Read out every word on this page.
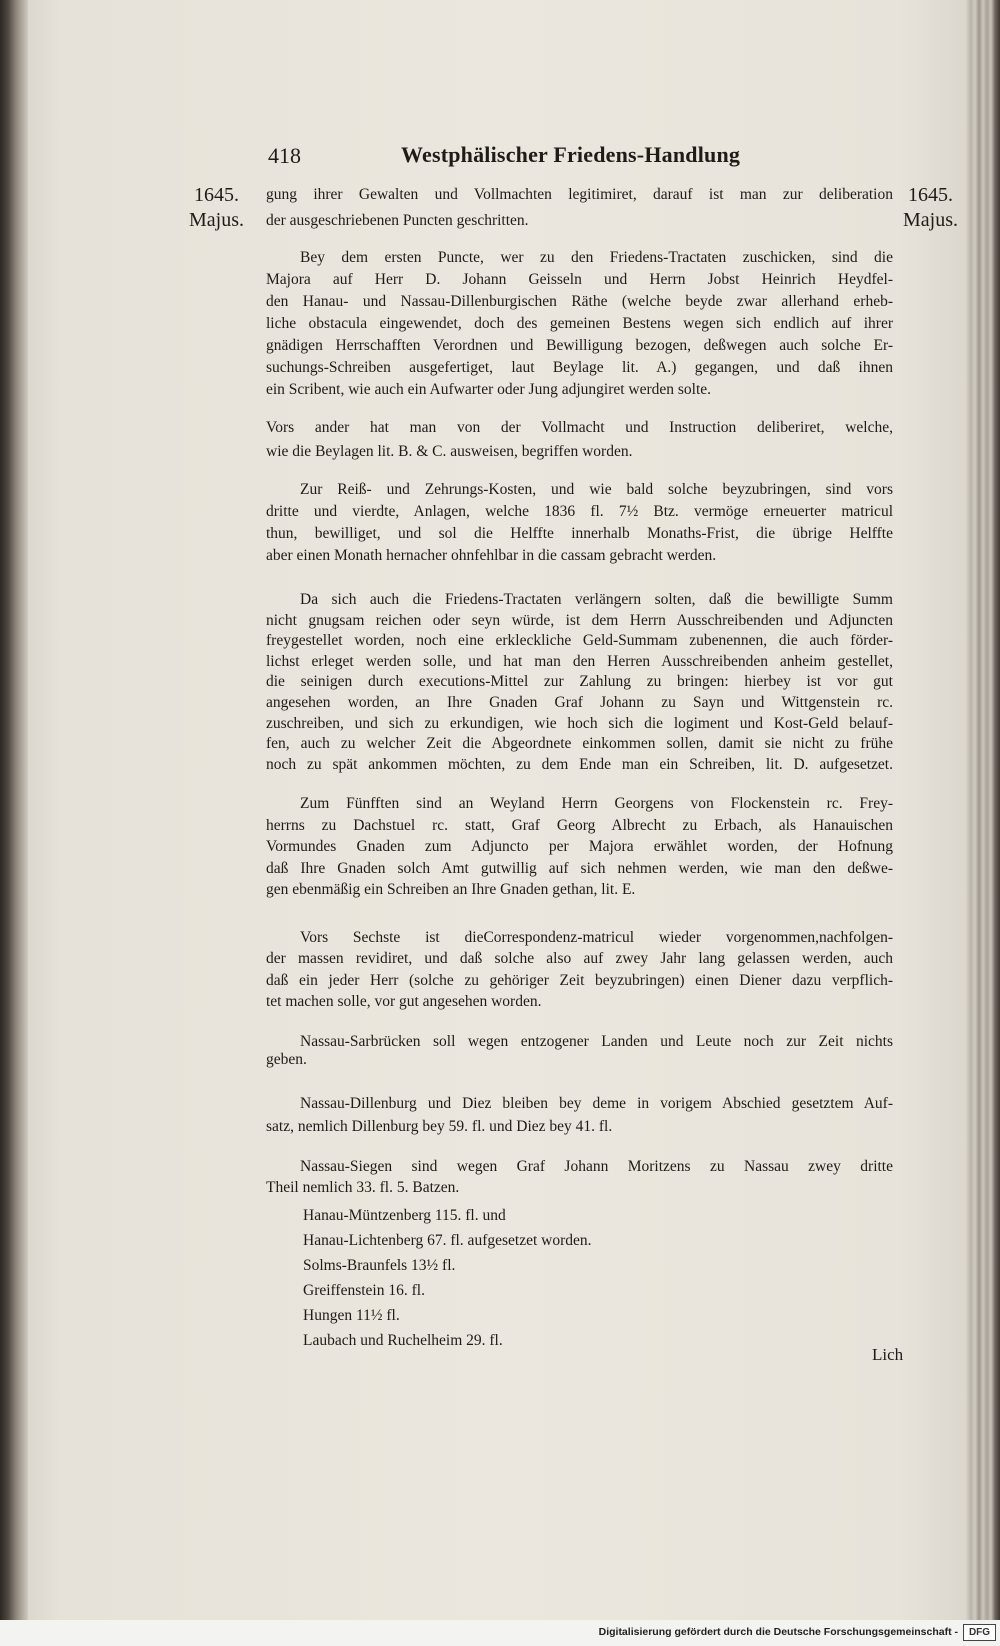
418	Westphälischer Friedens-Handlung
1645.
Majus.
1645.
Majus.
gung ihrer Gewalten und Vollmachten legitimiret, darauf ist man zur deliberation
der ausgeschriebenen Puncten geschritten.
Bey dem ersten Puncte, wer zu den Friedens-Tractaten zuschicken, sind die
Majora auf Herr D. Johann Geisseln und Herrn Jobst Heinrich Heydfel-
den Hanau- und Nassau-Dillenburgischen Räthe (welche beyde zwar allerhand erheb-
liche obstacula eingewendet, doch des gemeinen Bestens wegen sich endlich auf ihrer
gnädigen Herrschafften Verordnen und Bewilligung bezogen, deßwegen auch solche Er-
suchungs-Schreiben ausgefertiget, laut Beylage lit. A.) gegangen, und daß ihnen
ein Scribent, wie auch ein Aufwarter oder Jung adjungiret werden solte.
Vors ander hat man von der Vollmacht und Instruction deliberiret, welche,
wie die Beylagen lit. B. & C. ausweisen, begriffen worden.
Zur Reiß- und Zehrungs-Kosten, und wie bald solche beyzubringen, sind vors
dritte und vierdte, Anlagen, welche 1836 fl. 7½ Btz. vermöge erneuerter matricul
thun, bewilliget, und sol die Helffte innerhalb Monaths-Frist, die übrige Helffte
aber einen Monath hernacher ohnfehlbar in die cassam gebracht werden.
Da sich auch die Friedens-Tractaten verlängern solten, daß die bewilligte Summ
nicht gnugsam reichen oder seyn würde, ist dem Herrn Ausschreibenden und Adjuncten
freygestellet worden, noch eine erkleckliche Geld-Summam zubenennen, die auch förder-
lichst erleget werden solle, und hat man den Herren Ausschreibenden anheim gestellet,
die seinigen durch executions-Mittel zur Zahlung zu bringen: hierbey ist vor gut
angesehen worden, an Ihre Gnaden Graf Johann zu Sayn und Wittgenstein rc.
zuschreiben, und sich zu erkundigen, wie hoch sich die logiment und Kost-Geld belauf-
fen, auch zu welcher Zeit die Abgeordnete einkommen sollen, damit sie nicht zu frühe
noch zu spät ankommen möchten, zu dem Ende man ein Schreiben, lit. D. aufgesetzet.
Zum Fünfften sind an Weyland Herrn Georgens von Flockenstein rc. Frey-
herrns zu Dachstuel rc. statt, Graf Georg Albrecht zu Erbach, als Hanauischen
Vormundes Gnaden zum Adjuncto per Majora erwählet worden, der Hofnung
daß Ihre Gnaden solch Amt gutwillig auf sich nehmen werden, wie man den deßwe-
gen ebenmäßig ein Schreiben an Ihre Gnaden gethan, lit. E.
Vors Sechste ist dieCorrespondenz-matricul wieder vorgenommen,nachfolgen-
der massen revidiret, und daß solche also auf zwey Jahr lang gelassen werden, auch
daß ein jeder Herr (solche zu gehöriger Zeit beyzubringen) einen Diener dazu verpflich-
tet machen solle, vor gut angesehen worden.
Nassau-Sarbrücken soll wegen entzogener Landen und Leute noch zur Zeit nichts
geben.
Nassau-Dillenburg und Diez bleiben bey deme in vorigem Abschied gesetztem Auf-
satz, nemlich Dillenburg bey 59. fl. und Diez bey 41. fl.
Nassau-Siegen sind wegen Graf Johann Moritzens zu Nassau zwey dritte
Theil nemlich 33. fl. 5. Batzen.
Hanau-Müntzenberg 115. fl. und
Hanau-Lichtenberg 67. fl. aufgesetzet worden.
Solms-Braunfels 13½ fl.
Greiffenstein 16. fl.
Hungen 11½ fl.
Laubach und Ruchelheim 29. fl.
Lich
Digitalisierung gefördert durch die Deutsche Forschungsgemeinschaft -	DFG
